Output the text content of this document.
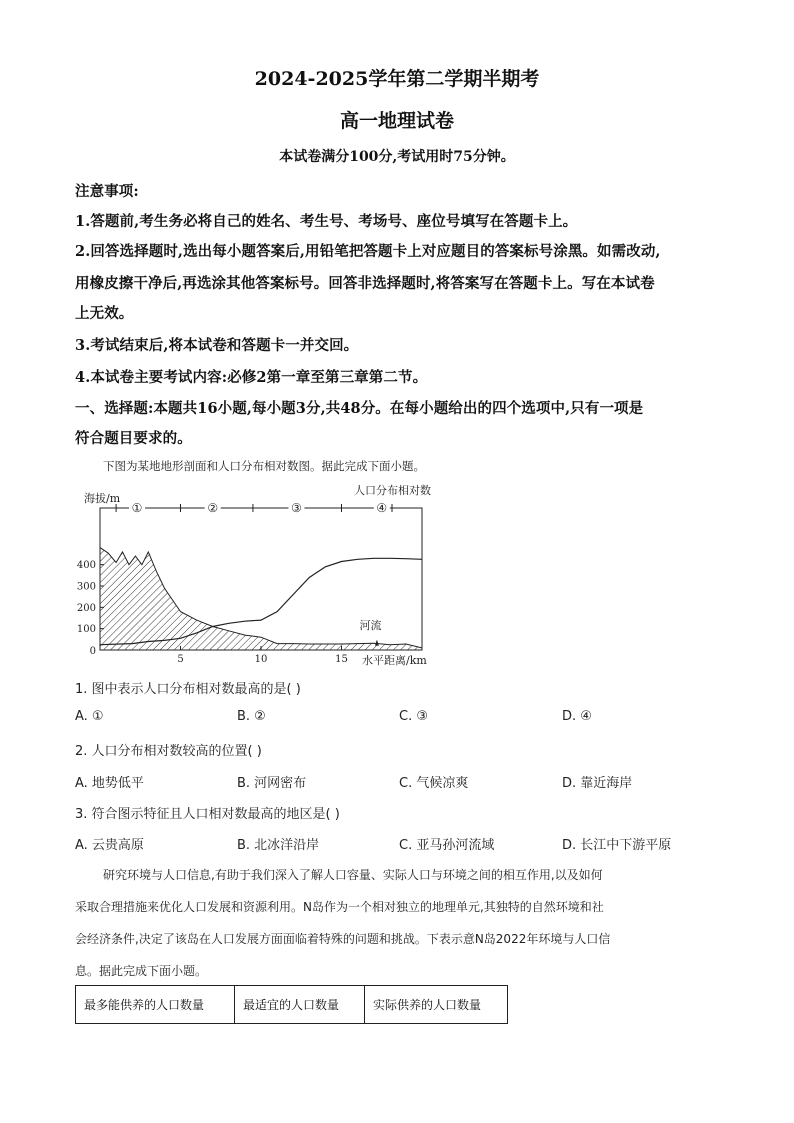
2024-2025学年第二学期半期考
高一地理试卷
本试卷满分100分,考试用时75分钟。
注意事项:
1.答题前,考生务必将自己的姓名、考生号、考场号、座位号填写在答题卡上。
2.回答选择题时,选出每小题答案后,用铅笔把答题卡上对应题目的答案标号涂黑。如需改动,
用橡皮擦干净后,再选涂其他答案标号。回答非选择题时,将答案写在答题卡上。写在本试卷
上无效。
3.考试结束后,将本试卷和答题卡一并交回。
4.本试卷主要考试内容:必修2第一章至第三章第二节。
一、选择题:本题共16小题,每小题3分,共48分。在每小题给出的四个选项中,只有一项是
符合题目要求的。
下图为某地地形剖面和人口分布相对数图。据此完成下面小题。
100
200
300
400
0
5	10	15
海拔/m
水平距离/km
人口分布相对数
①	②	③	④
河流
1. 图中表示人口分布相对数最高的是( )
A. ①	B. ②	C. ③	D. ④
2. 人口分布相对数较高的位置( )
A. 地势低平	B. 河网密布	C. 气候凉爽	D. 靠近海岸
3. 符合图示特征且人口相对数最高的地区是( )
A. 云贵高原	B. 北冰洋沿岸	C. 亚马孙河流域	D. 长江中下游平原
研究环境与人口信息,有助于我们深入了解人口容量、实际人口与环境之间的相互作用,以及如何
采取合理措施来优化人口发展和资源利用。N岛作为一个相对独立的地理单元,其独特的自然环境和社
会经济条件,决定了该岛在人口发展方面面临着特殊的问题和挑战。下表示意N岛2022年环境与人口信
息。据此完成下面小题。
最多能供养的人口数量	最适宜的人口数量	实际供养的人口数量
